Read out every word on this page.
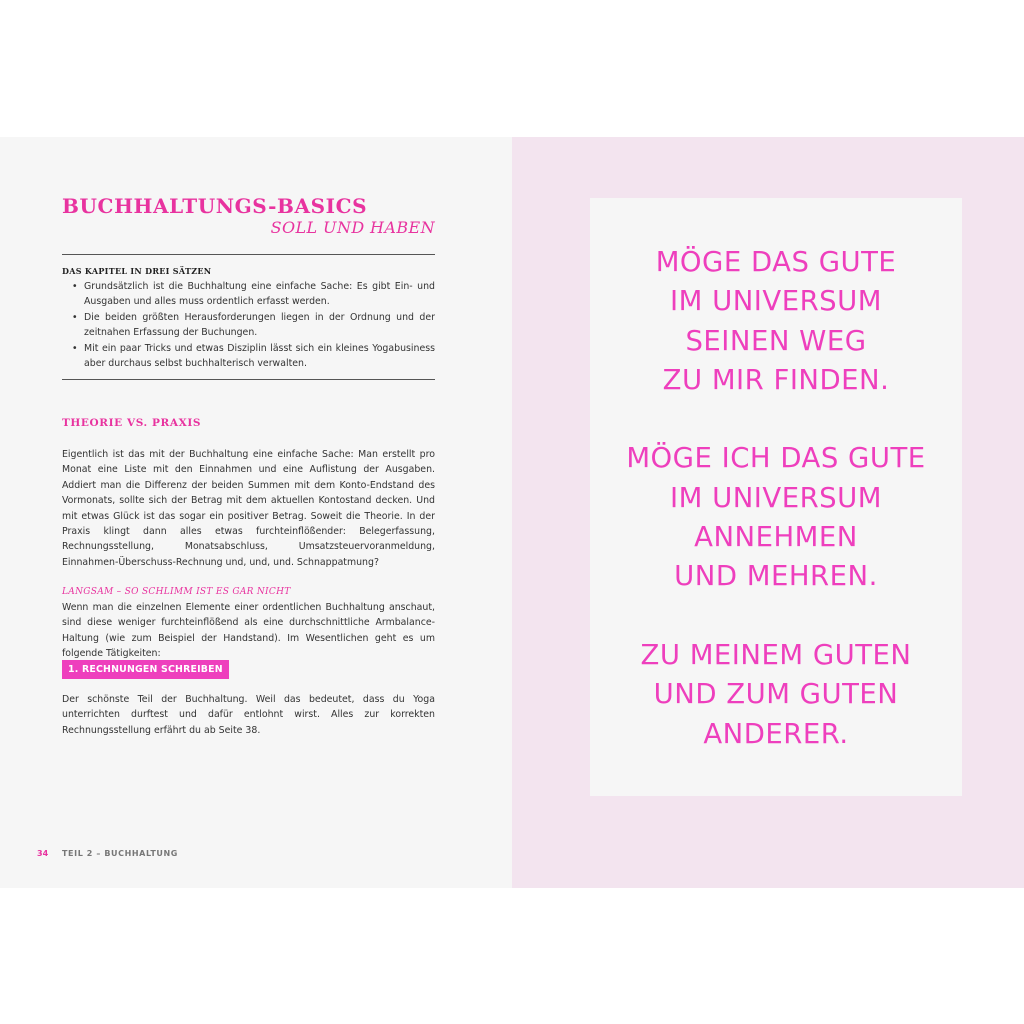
BUCHHALTUNGS-BASICS
SOLL UND HABEN
DAS KAPITEL IN DREI SÄTZEN
• Grundsätzlich ist die Buchhaltung eine einfache Sache: Es gibt Ein- und Ausgaben und alles muss ordentlich erfasst werden.
• Die beiden größten Herausforderungen liegen in der Ordnung und der zeitnahen Erfassung der Buchungen.
• Mit ein paar Tricks und etwas Disziplin lässt sich ein kleines Yogabusiness aber durchaus selbst buchhalterisch verwalten.
THEORIE VS. PRAXIS

Eigentlich ist das mit der Buchhaltung eine einfache Sache: Man erstellt pro Monat eine Liste mit den Einnahmen und eine Auflistung der Ausgaben. Addiert man die Differenz der beiden Summen mit dem Konto-Endstand des Vormonats, sollte sich der Betrag mit dem aktuellen Kontostand decken. Und mit etwas Glück ist das sogar ein positiver Betrag. Soweit die Theorie. In der Praxis klingt dann alles etwas furchteinflößender: Belegerfassung, Rechnungsstellung, Monatsabschluss, Umsatzsteuervoranmeldung, Einnahmen-Überschuss-Rechnung und, und, und. Schnappatmung?

LANGSAM – SO SCHLIMM IST ES GAR NICHT

Wenn man die einzelnen Elemente einer ordentlichen Buchhaltung anschaut, sind diese weniger furchteinflößend als eine durchschnittliche Armbalance-Haltung (wie zum Beispiel der Handstand). Im Wesentlichen geht es um folgende Tätigkeiten:

1. RECHNUNGEN SCHREIBEN

Der schönste Teil der Buchhaltung. Weil das bedeutet, dass du Yoga unterrichten durftest und dafür entlohnt wirst. Alles zur korrekten Rechnungsstellung erfährt du ab Seite 38.

34 TEIL 2 – BUCHHALTUNG
MÖGE DAS GUTE
IM UNIVERSUM
SEINEN WEG
ZU MIR FINDEN.
MÖGE ICH DAS GUTE
IM UNIVERSUM
ANNEHMEN
UND MEHREN.
ZU MEINEM GUTEN
UND ZUM GUTEN
ANDERER.
